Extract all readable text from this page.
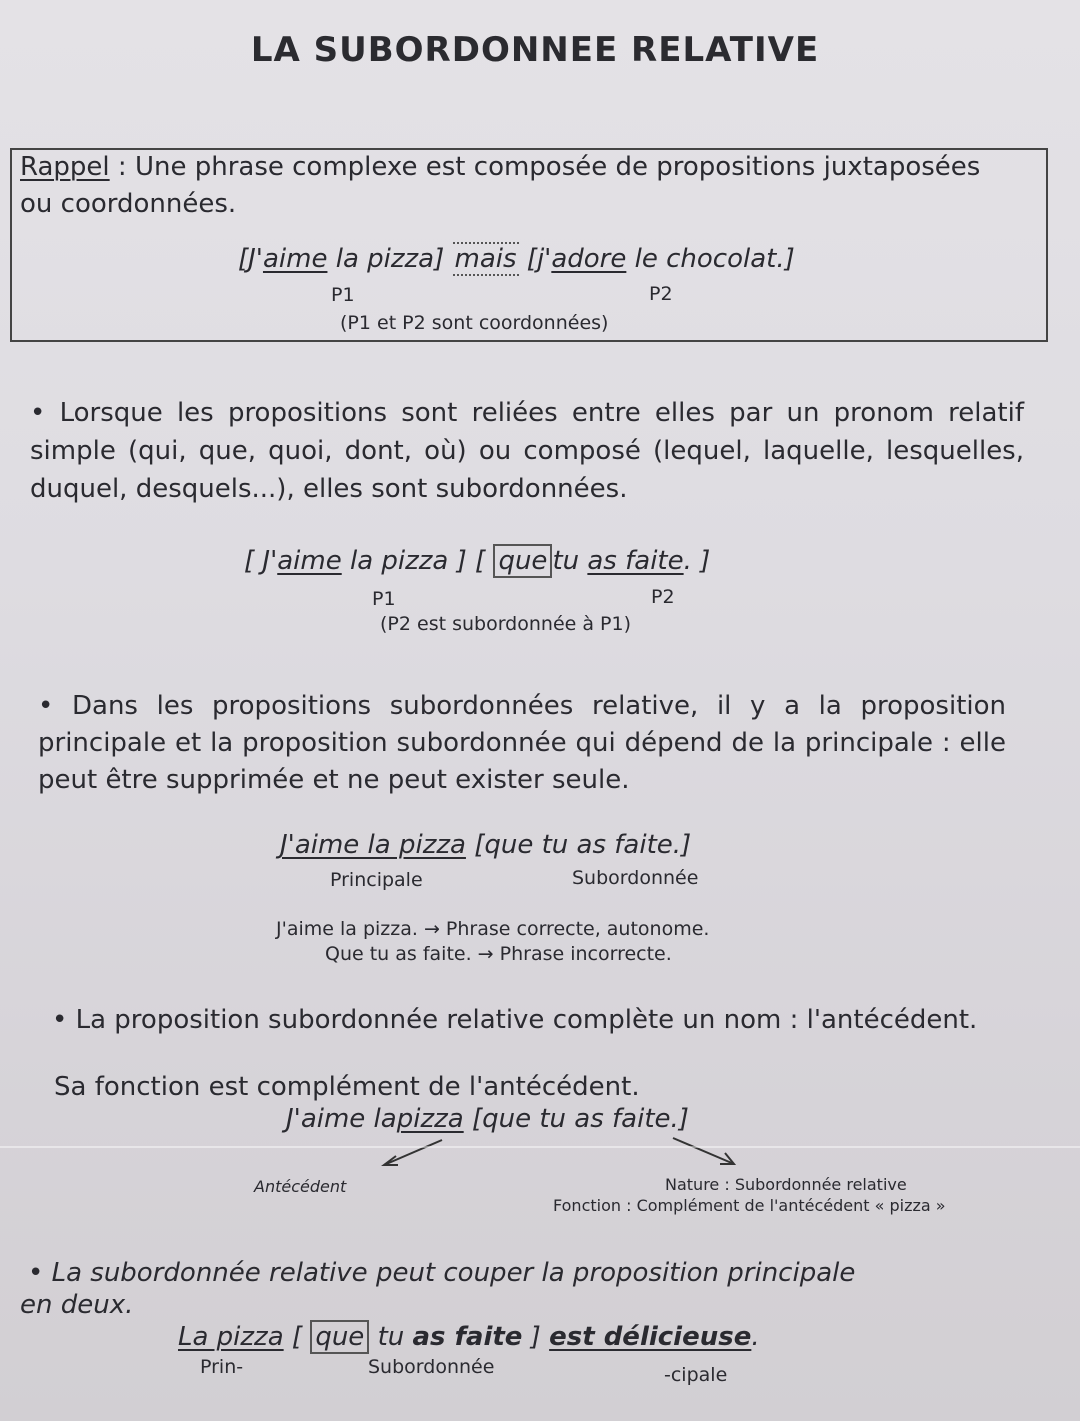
LA SUBORDONNEE RELATIVE
Rappel : Une phrase complexe est composée de propositions juxtaposées
ou coordonnées.
[J'aime la pizza] mais [j'adore le chocolat.]
P1	P2
(P1 et P2 sont coordonnées)
• Lorsque les propositions sont reliées entre elles par un pronom relatif simple (qui, que, quoi, dont, où) ou composé (lequel, laquelle, lesquelles, duquel, desquels...), elles sont subordonnées.
[ J'aime la pizza ] [ que tu as faite. ]
P1	P2
(P2 est subordonnée à P1)
• Dans les propositions subordonnées relative, il y a la proposition principale et la proposition subordonnée qui dépend de la principale : elle peut être supprimée et ne peut exister seule.
J'aime la pizza [que tu as faite.]
Principale	Subordonnée
J'aime la pizza. → Phrase correcte, autonome.
Que tu as faite. → Phrase incorrecte.
• La proposition subordonnée relative complète un nom : l'antécédent.
Sa fonction est complément de l'antécédent.
J'aime lapizza [que tu as faite.]
Antécédent	Nature : Subordonnée relative
Fonction : Complément de l'antécédent « pizza »
• La subordonnée relative peut couper la proposition principale
en deux.
La pizza [ que tu as faite ] est délicieuse.
Prin-	Subordonnée	-cipale
